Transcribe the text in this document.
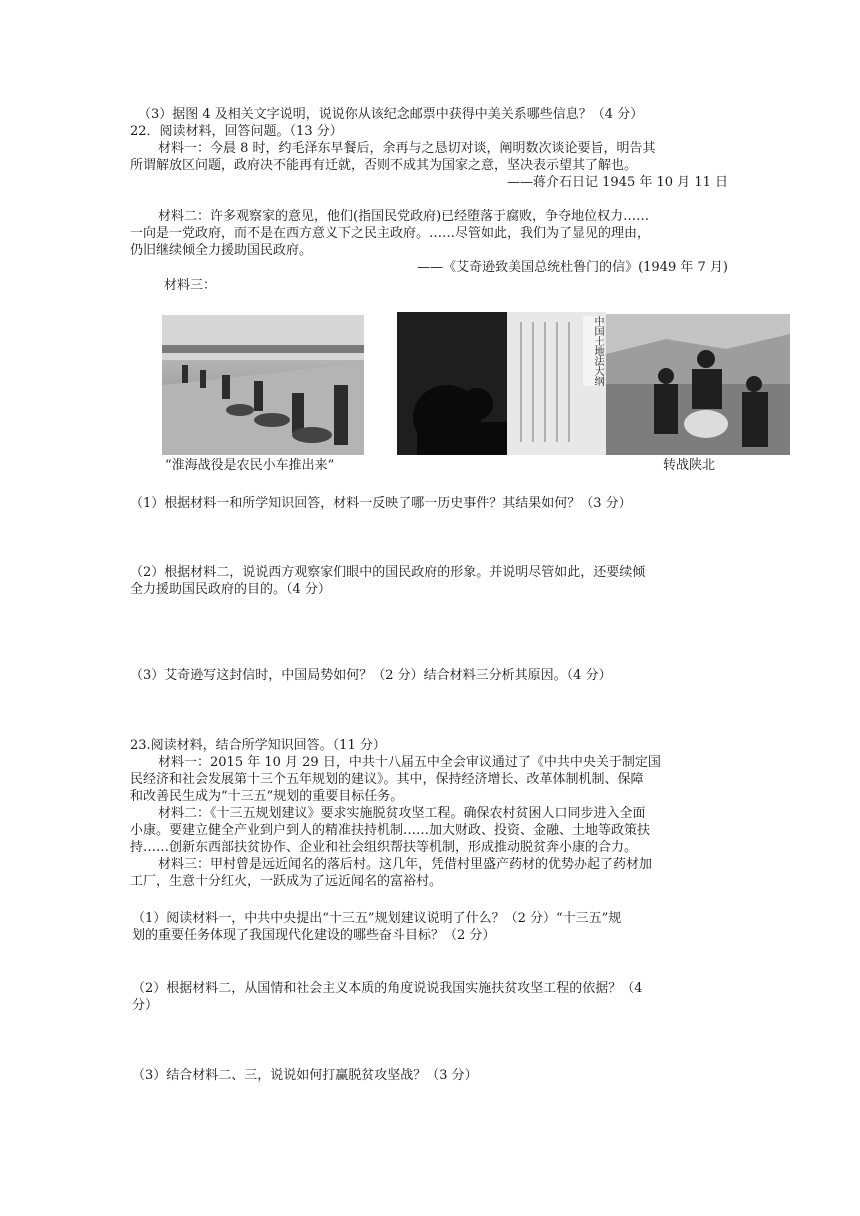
（3）据图 4 及相关文字说明，说说你从该纪念邮票中获得中美关系哪些信息？（4 分）
22．阅读材料，回答问题。（13 分）
材料一：今晨 8 时，约毛泽东早餐后，余再与之恳切对谈，阐明数次谈论要旨，明告其
所谓解放区问题，政府决不能再有迁就，否则不成其为国家之意，坚决表示望其了解也。
——蒋介石日记 1945 年 10 月 11 日
材料二：许多观察家的意见，他们(指国民党政府)已经堕落于腐败，争夺地位权力……
一向是一党政府，而不是在西方意义下之民主政府。……尽管如此，我们为了显见的理由，
仍旧继续倾全力援助国民政府。
——《艾奇逊致美国总统杜鲁门的信》(1949 年 7 月)
材料三：
中国土地法大纲
“淮海战役是农民小车推出来”	转战陕北
（1）根据材料一和所学知识回答，材料一反映了哪一历史事件？其结果如何？（3 分）
（2）根据材料二，说说西方观察家们眼中的国民政府的形象。并说明尽管如此，还要续倾
全力援助国民政府的目的。（4 分）
（3）艾奇逊写这封信时，中国局势如何？（2 分）结合材料三分析其原因。（4 分）
23.阅读材料，结合所学知识回答。（11 分）
材料一：2015 年 10 月 29 日，中共十八届五中全会审议通过了《中共中央关于制定国
民经济和社会发展第十三个五年规划的建议》。其中，保持经济增长、改革体制机制、保障
和改善民生成为“十三五”规划的重要目标任务。
材料二：《十三五规划建议》要求实施脱贫攻坚工程。确保农村贫困人口同步进入全面
小康。要建立健全产业到户到人的精准扶持机制……加大财政、投资、金融、土地等政策扶
持……创新东西部扶贫协作、企业和社会组织帮扶等机制，形成推动脱贫奔小康的合力。
材料三：甲村曾是远近闻名的落后村。这几年，凭借村里盛产药材的优势办起了药材加
工厂，生意十分红火，一跃成为了远近闻名的富裕村。
（1）阅读材料一，中共中央提出“十三五”规划建议说明了什么？（2 分）“十三五”规
划的重要任务体现了我国现代化建设的哪些奋斗目标？（2 分）
（2）根据材料二，从国情和社会主义本质的角度说说我国实施扶贫攻坚工程的依据？（4
分）
（3）结合材料二、三，说说如何打赢脱贫攻坚战？（3 分）
